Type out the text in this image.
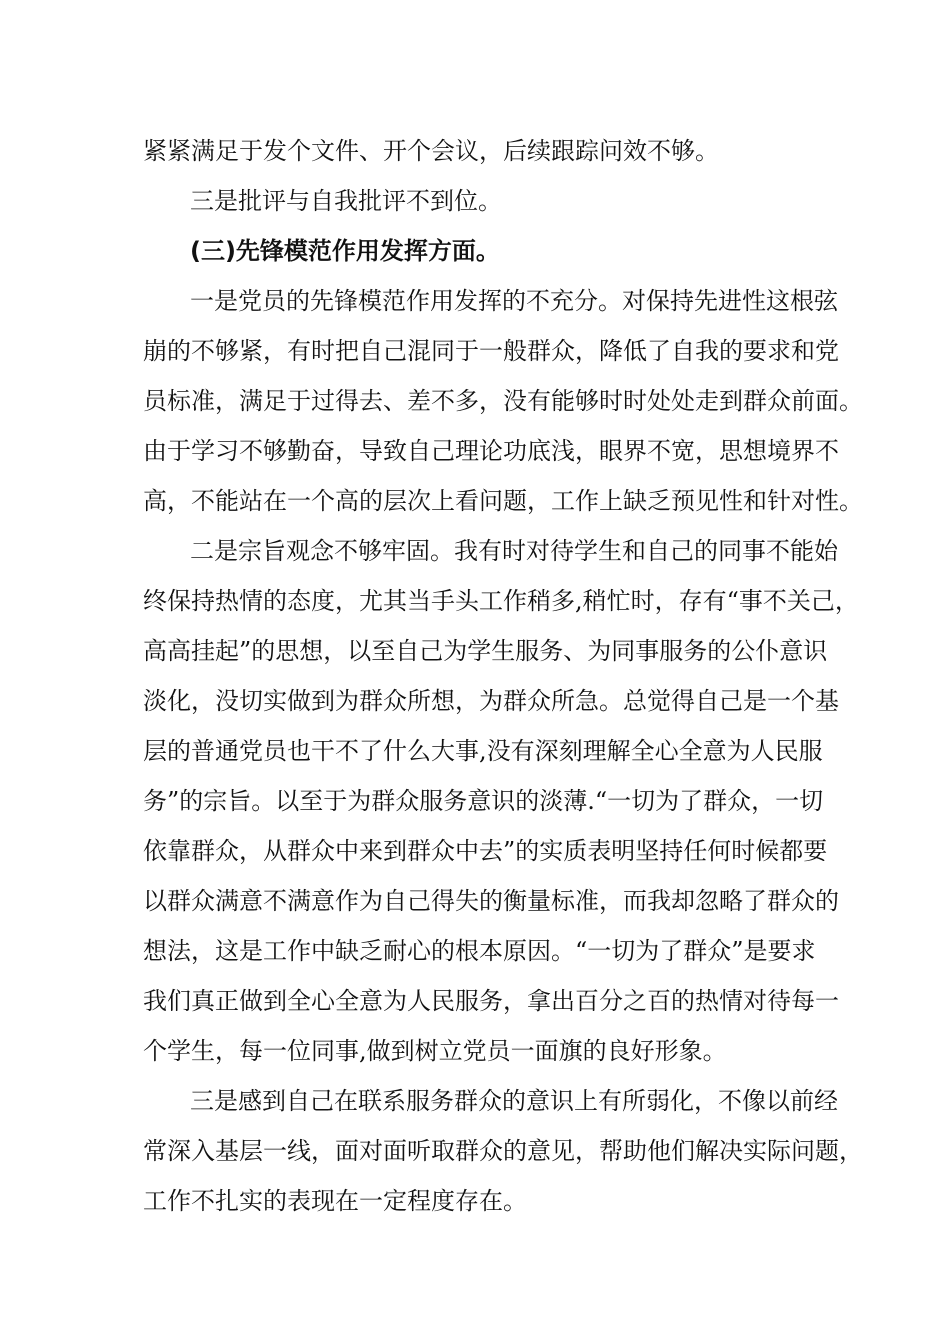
紧紧满足于发个文件、开个会议，后续跟踪问效不够。
三是批评与自我批评不到位。
(三)先锋模范作用发挥方面。
一是党员的先锋模范作用发挥的不充分。对保持先进性这根弦
崩的不够紧，有时把自己混同于一般群众，降低了自我的要求和党
员标准，满足于过得去、差不多，没有能够时时处处走到群众前面。
由于学习不够勤奋，导致自己理论功底浅，眼界不宽，思想境界不
高，不能站在一个高的层次上看问题，工作上缺乏预见性和针对性。
二是宗旨观念不够牢固。我有时对待学生和自己的同事不能始
终保持热情的态度，尤其当手头工作稍多,稍忙时，存有“事不关己，
高高挂起”的思想，以至自己为学生服务、为同事服务的公仆意识
淡化，没切实做到为群众所想，为群众所急。总觉得自己是一个基
层的普通党员也干不了什么大事,没有深刻理解全心全意为人民服
务”的宗旨。以至于为群众服务意识的淡薄.“一切为了群众，一切
依靠群众，从群众中来到群众中去”的实质表明坚持任何时候都要
以群众满意不满意作为自己得失的衡量标准，而我却忽略了群众的
想法，这是工作中缺乏耐心的根本原因。“一切为了群众”是要求
我们真正做到全心全意为人民服务，拿出百分之百的热情对待每一
个学生，每一位同事,做到树立党员一面旗的良好形象。
三是感到自己在联系服务群众的意识上有所弱化，不像以前经
常深入基层一线，面对面听取群众的意见，帮助他们解决实际问题，
工作不扎实的表现在一定程度存在。
